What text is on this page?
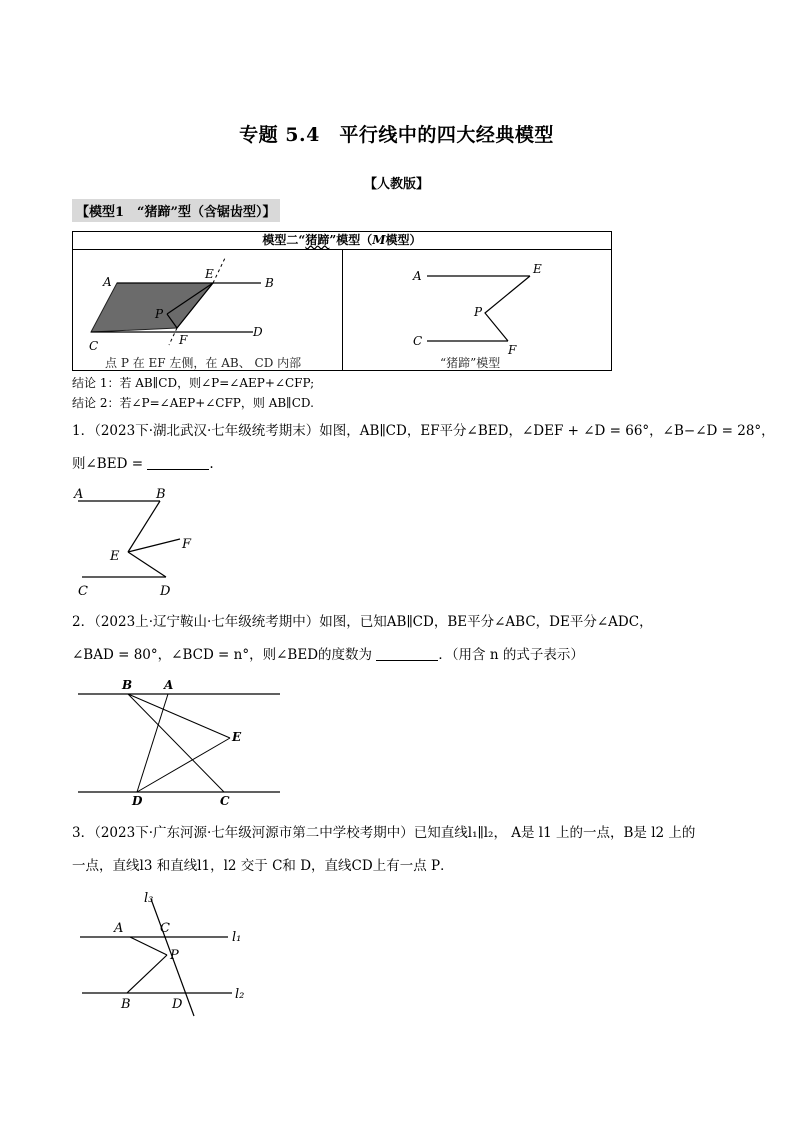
专题 5.4　平行线中的四大经典模型
【人教版】
【模型1　“猪蹄”型（含锯齿型）】
模型二“猪蹄”模型（M模型）
A	B
C
D
E
F
P
点 P 在 EF 左侧，在 AB、 CD 内部
A
C
E
F
P
“猪蹄”模型
结论 1：若 AB∥CD，则∠P=∠AEP+∠CFP;
结论 2：若∠P=∠AEP+∠CFP，则 AB∥CD.
1．（2023下·湖北武汉·七年级统考期末）如图，AB∥CD，EF平分∠BED，∠DEF + ∠D = 66°，∠B−∠D = 28°，
则∠BED =	.
A	B
C	D
E
F
2．（2023上·辽宁鞍山·七年级统考期中）如图，已知AB∥CD，BE平分∠ABC，DE平分∠ADC，
∠BAD = 80°，∠BCD = n°，则∠BED的度数为	．（用含 n 的式子表示）
B	A
E
D	C
3．（2023下·广东河源·七年级河源市第二中学校考期中）已知直线l₁∥l₂， A是 l1 上的一点，B是 l2 上的
一点，直线l3 和直线l1，l2 交于 C和 D，直线CD上有一点 P．
l₃
A	C
l₁
P
B	D
l₂
